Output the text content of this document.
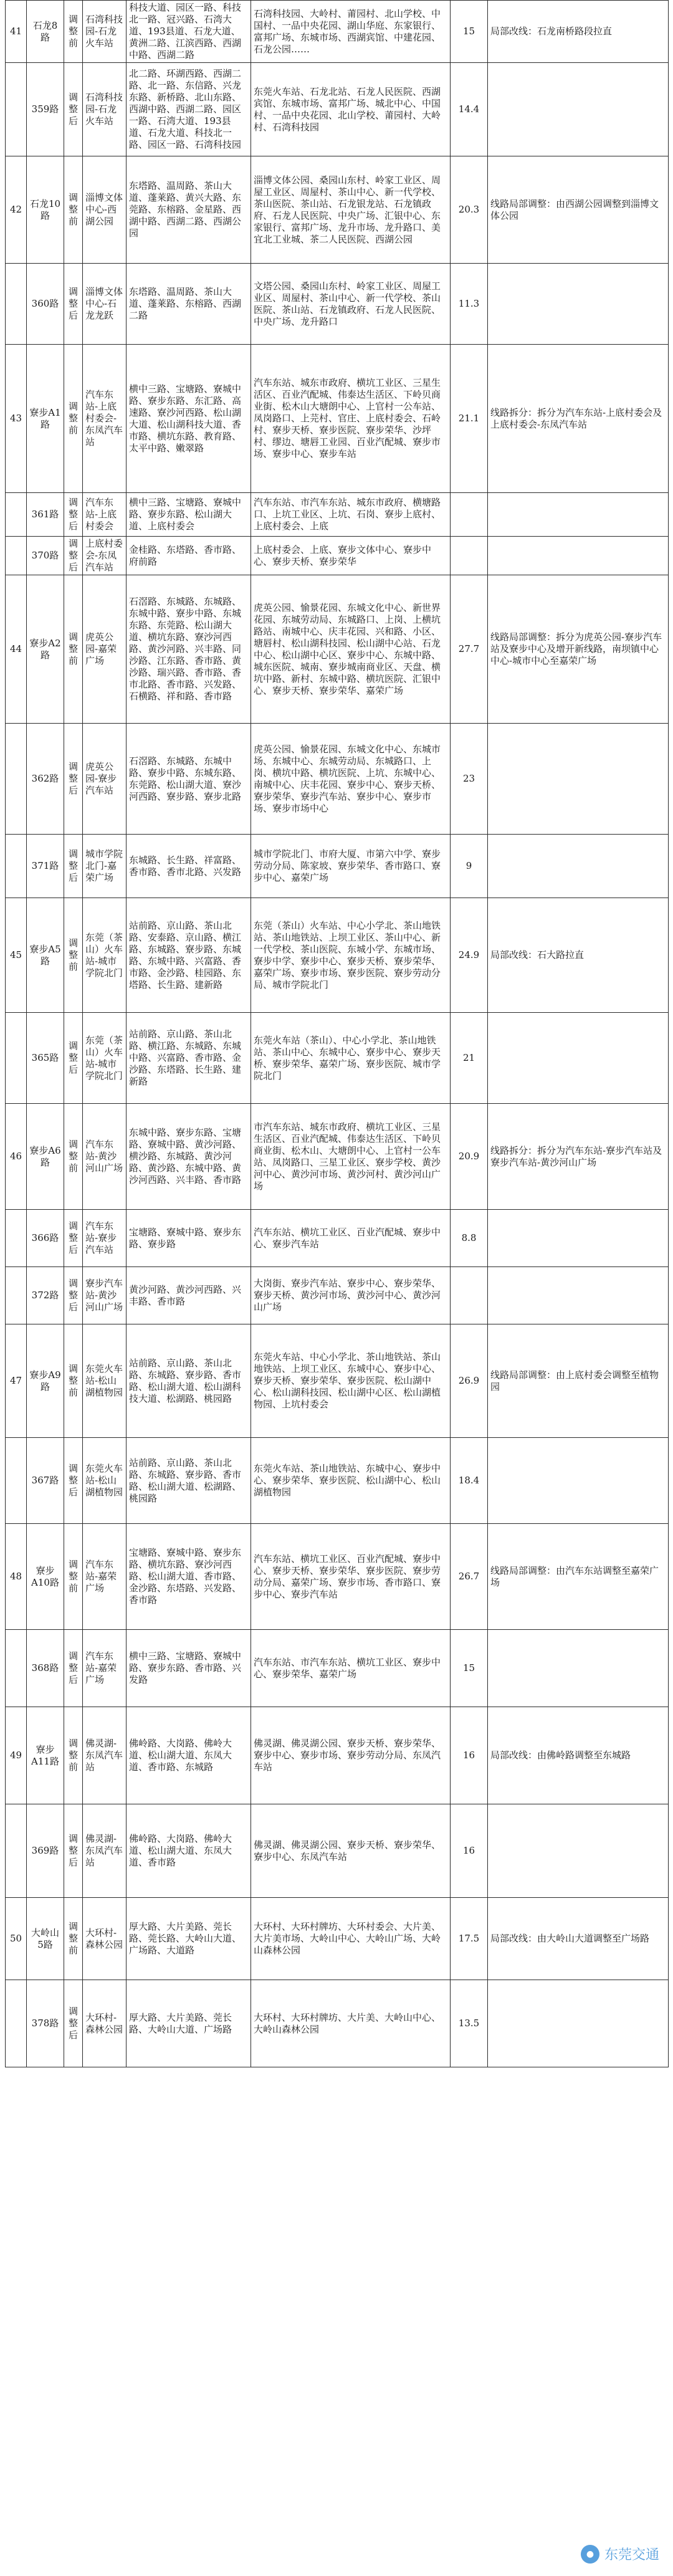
41	石龙8路	调整前	石湾科技园-石龙火车站	科技大道、园区一路、科技北一路、冠兴路、石湾大道、193县道、石龙大道、黄洲二路、江滨西路、西湖中路、西湖二路	石湾科技园、大岭村、莆园村、北山学校、中国村、一品中央花园、湖山华庭、东家银行、富邦广场、东城市场、西湖宾馆、中建花园、石龙公园……	15	局部改线：石龙南桥路段拉直
	359路	调整后	石湾科技园-石龙火车站	北二路、环湖西路、西湖二路、北一路、东信路、兴龙东路、新桥路、北山东路、西湖中路、西湖二路、园区一路、石湾大道、193县道、石龙大道、科技北一路、园区一路、石湾科技园	东莞火车站、石龙北站、石龙人民医院、西湖宾馆、东城市场、富邦广场、城北中心、中国村、一品中央花园、北山学校、莆园村、大岭村、石湾科技园	14.4	
42	石龙10路	调整前	淄博文体中心-西湖公园	东塔路、温周路、茶山大道、蓬莱路、黄兴大路、东莞路、东榕路、金星路、西湖中路、西湖二路、西湖公园	淄博文体公园、桑园山东村、岭家工业区、周屋工业区、周屋村、茶山中心、新一代学校、茶山医院、茶山站、石龙银龙站、石龙镇政府、石龙人民医院、中央广场、汇银中心、东家银行、富邦广场、龙升市场、龙升路口、美宜北工业城、茶二人民医院、西湖公园	20.3	线路局部调整：由西湖公园调整到淄博文体公园
	360路	调整后	淄博文体中心-石龙龙跃	东塔路、温周路、茶山大道、蓬莱路、东榕路、西湖二路	文塔公园、桑园山东村、岭家工业区、周屋工业区、周屋村、茶山中心、新一代学校、茶山医院、茶山站、石龙镇政府、石龙人民医院、中央广场、龙升路口	11.3	
43	寮步A1路	调整前	汽车东站-上底村委会-东凤汽车站	横中三路、宝塘路、寮城中路、寮步东路、东汇路、高速路、寮沙河西路、松山湖大道、松山湖科技大道、香市路、横坑东路、教育路、太平中路、嫩翠路	汽车东站、城东市政府、横坑工业区、三星生活区、百业汽配城、伟泰达生活区、下岭贝商业街、松木山大塘朗中心、上官村一公车站、凤岗路口、上芫村、官庄、上底村委会、石岭村、寮步天桥、寮步医院、寮步荣华、沙坪村、缪边、塘唇工业园、百业汽配城、寮步市场、寮步中心、寮步车站	21.1	线路拆分：拆分为汽车东站-上底村委会及上底村委会-东凤汽车站
	361路	调整后	汽车东站-上底村委会	横中三路、宝塘路、寮城中路、寮步东路、松山湖大道、上底村委会	汽车东站、市汽车东站、城东市政府、横塘路口、上坑工业区、上坑、石岗、寮步上底村、上底村委会、上底		
	370路	调整后	上底村委会-东凤汽车站	金桂路、东塔路、香市路、府前路	上底村委会、上底、寮步文体中心、寮步中心、寮步天桥、寮步荣华		
44	寮步A2路	调整前	虎英公园-嘉荣广场	石滘路、东城路、东城路、东城中路、寮步中路、东城东路、东莞路、松山湖大道、横坑东路、寮沙河西路、黄沙河路、兴丰路、同沙路、江东路、香市路、黄沙路、瑞兴路、香市路、香市北路、香市路、兴发路、石横路、祥和路、香市路	虎英公园、愉景花园、东城文化中心、新世界花园、东城劳动局、东城路口、上岗、上横坑路站、南城中心、庆丰花园、兴和路、小区、塘唇村、松山湖科技园、松山湖中心站、石龙中心、松山湖中心区、寮步中心、东城中路、城东医院、城南、寮步城南商业区、天盘、横坑中路、新村、东城中路、横坑医院、汇银中心、寮步天桥、寮步荣华、嘉荣广场	27.7	线路局部调整：拆分为虎英公园-寮步汽车站及寮步中心及增开新线路，南坝镇中心中心-城市中心至嘉荣广场
	362路	调整后	虎英公园-寮步汽车站	石滘路、东城路、东城中路、寮步中路、东城东路、东莞路、松山湖大道、寮沙河西路、寮步路、寮步北路	虎英公园、愉景花园、东城文化中心、东城市场、东城中心、东城劳动局、东城路口、上岗、横坑中路、横坑医院、上坑、东城中心、南城中心、庆丰花园、寮步中心、寮步天桥、寮步荣华、寮步汽车站、寮步中心、寮步市场、寮步市场中心	23	
	371路	调整后	城市学院北门-嘉荣广场	东城路、长生路、祥富路、香市路、香市北路、兴发路	城市学院北门、市府大厦、市第六中学、寮步劳动分局、陈家坡、寮步荣华、香市路口、寮步中心、嘉荣广场	9	
45	寮步A5路	调整前	东莞（茶山）火车站-城市学院北门	站前路、京山路、茶山北路、安泰路、京山路、横江路、东城路、寮步路、东城路、东城中路、兴富路、香市路、金沙路、桂园路、东塔路、长生路、建新路	东莞（茶山）火车站、中心小学北、茶山地铁站、茶山地铁站、上坝工业区、茶山中心、新一代学校、茶山医院、东城小学、东城市场、寮步中学、寮步中心、寮步天桥、寮步荣华、嘉荣广场、寮步市场、寮步医院、寮步劳动分局、城市学院北门	24.9	局部改线：石大路拉直
	365路	调整后	东莞（茶山）火车站-城市学院北门	站前路、京山路、茶山北路、横江路、东城路、东城中路、兴富路、香市路、金沙路、东塔路、长生路、建新路	东莞火车站（茶山）、中心小学北、茶山地铁站、茶山中心、东城中心、寮步中心、寮步天桥、寮步荣华、嘉荣广场、寮步医院、城市学院北门	21	
46	寮步A6路	调整前	汽车东站-黄沙河山广场	东城中路、寮步东路、宝塘路、寮城中路、黄沙河路、横沙路、东城路、黄沙河路、黄沙路、东城中路、黄沙河西路、兴丰路、香市路	市汽车东站、城东市政府、横坑工业区、三星生活区、百业汽配城、伟泰达生活区、下岭贝商业街、松木山、大塘朗中心、上官村一公车站、凤岗路口、三星工业区、寮步学校、黄沙河中心、黄沙河市场、黄沙河村、黄沙河山广场	20.9	线路拆分：拆分为汽车东站-寮步汽车站及寮步汽车站-黄沙河山广场
	366路	调整后	汽车东站-寮步汽车站	宝塘路、寮城中路、寮步东路、寮步路	汽车东站、横坑工业区、百业汽配城、寮步中心、寮步汽车站	8.8	
	372路	调整后	寮步汽车站-黄沙河山广场	黄沙河路、黄沙河西路、兴丰路、香市路	大岗街、寮步汽车站、寮步中心、寮步荣华、寮步天桥、黄沙河市场、黄沙河中心、黄沙河山广场		
47	寮步A9路	调整前	东莞火车站-松山湖植物园	站前路、京山路、茶山北路、东城路、寮步路、香市路、松山湖大道、松山湖科技大道、松湖路、桃园路	东莞火车站、中心小学北、茶山地铁站、茶山地铁站、上坝工业区、东城中心、寮步中心、寮步天桥、寮步荣华、寮步医院、松山湖中心、松山湖科技园、松山湖中心区、松山湖植物园、上坑村委会	26.9	线路局部调整：由上底村委会调整至植物园
	367路	调整后	东莞火车站-松山湖植物园	站前路、京山路、茶山北路、东城路、寮步路、香市路、松山湖大道、松湖路、桃园路	东莞火车站、茶山地铁站、东城中心、寮步中心、寮步荣华、寮步医院、松山湖中心、松山湖植物园	18.4	
48	寮步A10路	调整前	汽车东站-嘉荣广场	宝塘路、寮城中路、寮步东路、横坑东路、寮沙河西路、松山湖大道、香市路、金沙路、东塔路、兴发路、香市路	汽车东站、横坑工业区、百业汽配城、寮步中心、寮步天桥、寮步荣华、寮步医院、寮步劳动分局、嘉荣广场、寮步市场、香市路口、寮步中心、寮步汽车站	26.7	线路局部调整：由汽车东站调整至嘉荣广场
	368路	调整后	汽车东站-嘉荣广场	横中三路、宝塘路、寮城中路、寮步东路、香市路、兴发路	汽车东站、市汽车东站、横坑工业区、寮步中心、寮步荣华、嘉荣广场	15	
49	寮步A11路	调整前	佛灵湖-东凤汽车站	佛岭路、大岗路、佛岭大道、松山湖大道、东凤大道、香市路、东城路	佛灵湖、佛灵湖公园、寮步天桥、寮步荣华、寮步中心、寮步市场、寮步劳动分局、东凤汽车站	16	局部改线：由佛岭路调整至东城路
	369路	调整后	佛灵湖-东凤汽车站	佛岭路、大岗路、佛岭大道、松山湖大道、东凤大道、香市路	佛灵湖、佛灵湖公园、寮步天桥、寮步荣华、寮步中心、东凤汽车站	16	
50	大岭山5路	调整前	大环村-森林公园	厚大路、大片美路、莞长路、莞长路、大岭山大道、广场路、大道路	大环村、大环村牌坊、大环村委会、大片美、大片美市场、大岭山中心、大岭山广场、大岭山森林公园	17.5	局部改线：由大岭山大道调整至广场路
	378路	调整后	大环村-森林公园	厚大路、大片美路、莞长路、大岭山大道、广场路	大环村、大环村牌坊、大片美、大岭山中心、大岭山森林公园	13.5	
● 东莞交通
